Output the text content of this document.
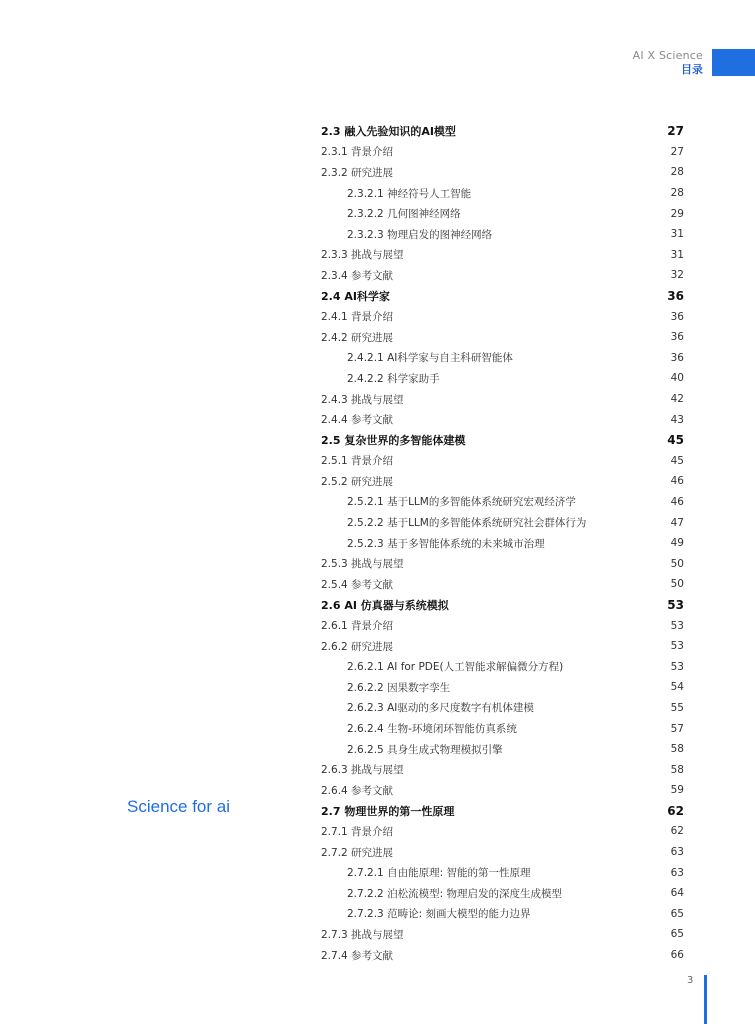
AI X Science
目录
Science for ai
2.3 融入先验知识的AI模型	27
2.3.1 背景介绍	27
2.3.2 研究进展	28
2.3.2.1 神经符号人工智能	28
2.3.2.2 几何图神经网络	29
2.3.2.3 物理启发的图神经网络	31
2.3.3 挑战与展望	31
2.3.4 参考文献	32
2.4 AI科学家	36
2.4.1 背景介绍	36
2.4.2 研究进展	36
2.4.2.1 AI科学家与自主科研智能体	36
2.4.2.2 科学家助手	40
2.4.3 挑战与展望	42
2.4.4 参考文献	43
2.5 复杂世界的多智能体建模	45
2.5.1 背景介绍	45
2.5.2 研究进展	46
2.5.2.1 基于LLM的多智能体系统研究宏观经济学	46
2.5.2.2 基于LLM的多智能体系统研究社会群体行为	47
2.5.2.3 基于多智能体系统的未来城市治理	49
2.5.3 挑战与展望	50
2.5.4 参考文献	50
2.6 AI 仿真器与系统模拟	53
2.6.1 背景介绍	53
2.6.2 研究进展	53
2.6.2.1 AI for PDE(人工智能求解偏微分方程)	53
2.6.2.2 因果数字孪生	54
2.6.2.3 AI驱动的多尺度数字有机体建模	55
2.6.2.4 生物-环境闭环智能仿真系统	57
2.6.2.5 具身生成式物理模拟引擎	58
2.6.3 挑战与展望	58
2.6.4 参考文献	59
2.7 物理世界的第一性原理	62
2.7.1 背景介绍	62
2.7.2 研究进展	63
2.7.2.1 自由能原理: 智能的第一性原理	63
2.7.2.2 泊松流模型: 物理启发的深度生成模型	64
2.7.2.3 范畴论: 刻画大模型的能力边界	65
2.7.3 挑战与展望	65
2.7.4 参考文献	66
3
